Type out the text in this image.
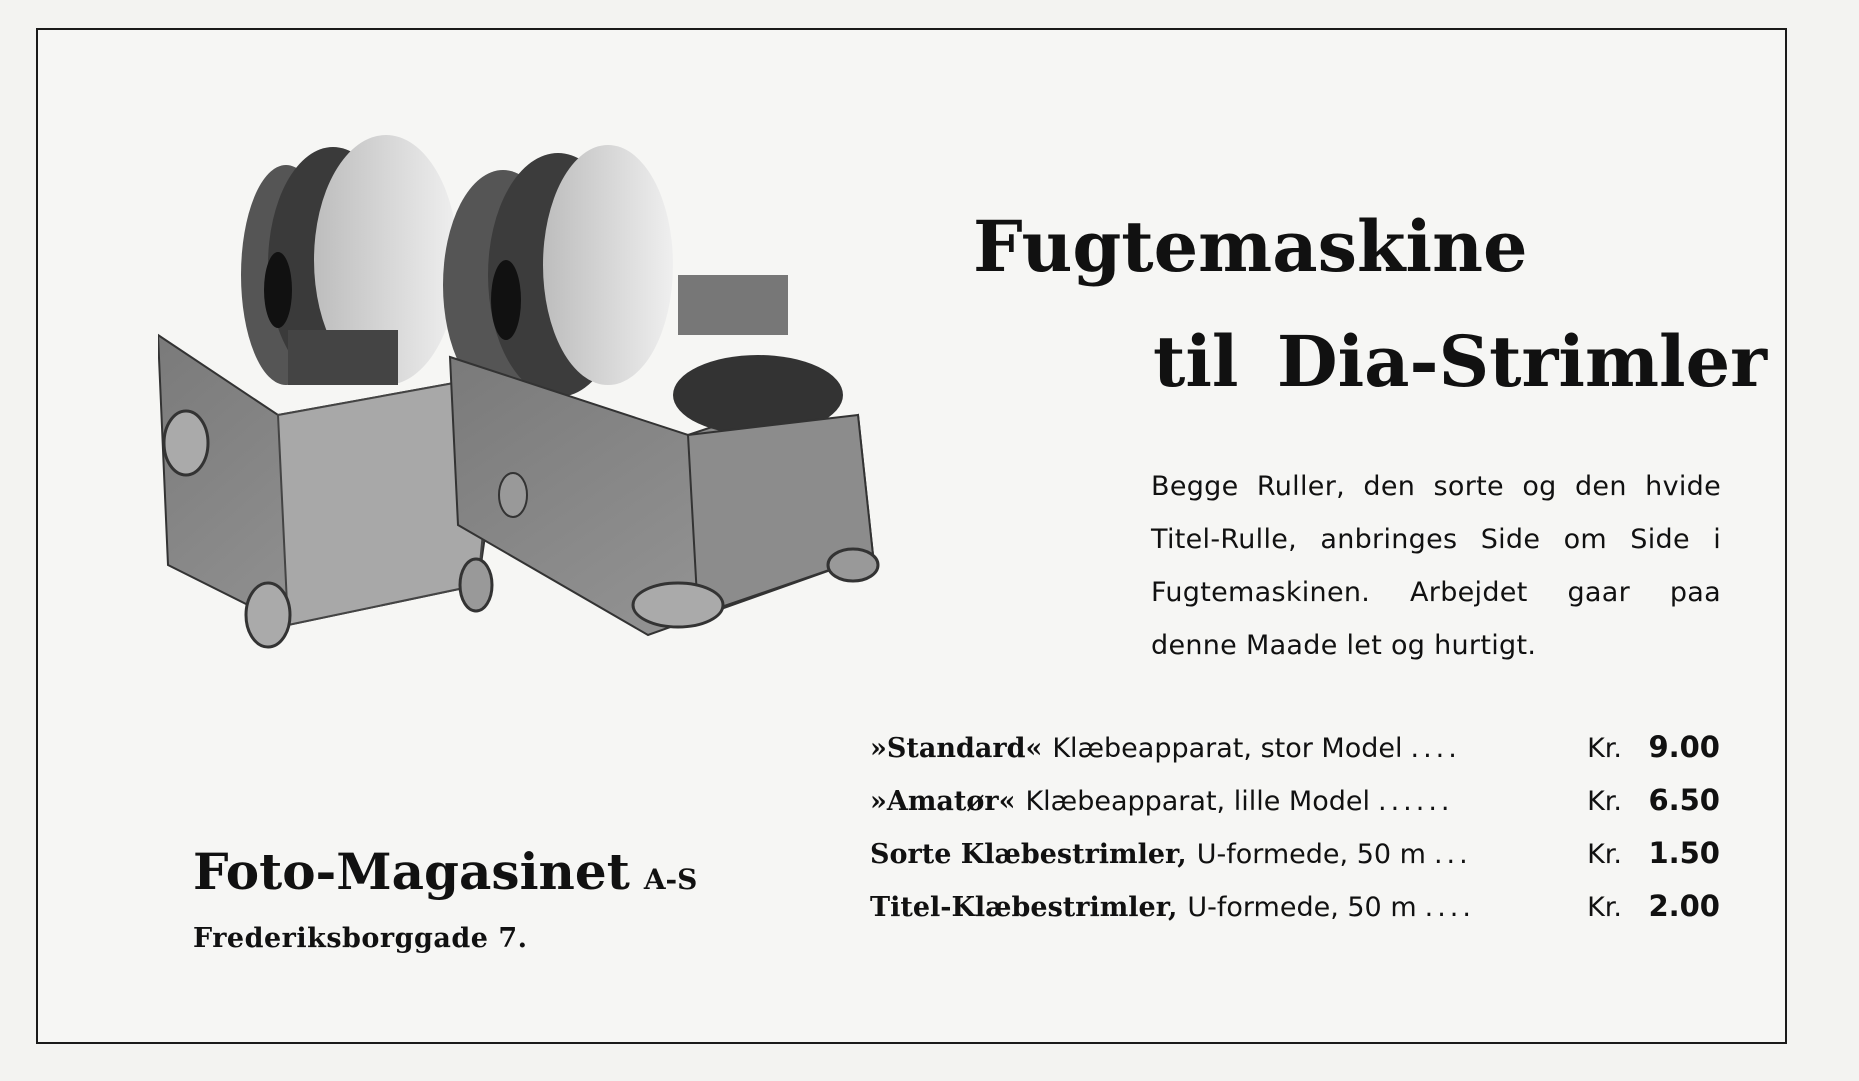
Fugtemaskine
til Dia-Strimler

Begge Ruller, den sorte og den hvide Titel-Rulle, anbringes Side om Side i Fugtemaskinen. Arbejdet gaar paa denne Maade let og hurtigt.

»Standard« Klæbeapparat, stor Model ....	Kr. 9.00
»Amatør« Klæbeapparat, lille Model ......	Kr. 6.50
Sorte Klæbestrimler, U-formede, 50 m ...	Kr. 1.50
Titel-Klæbestrimler, U-formede, 50 m ....	Kr. 2.00
Foto-Magasinet A-S
Frederiksborggade 7.
